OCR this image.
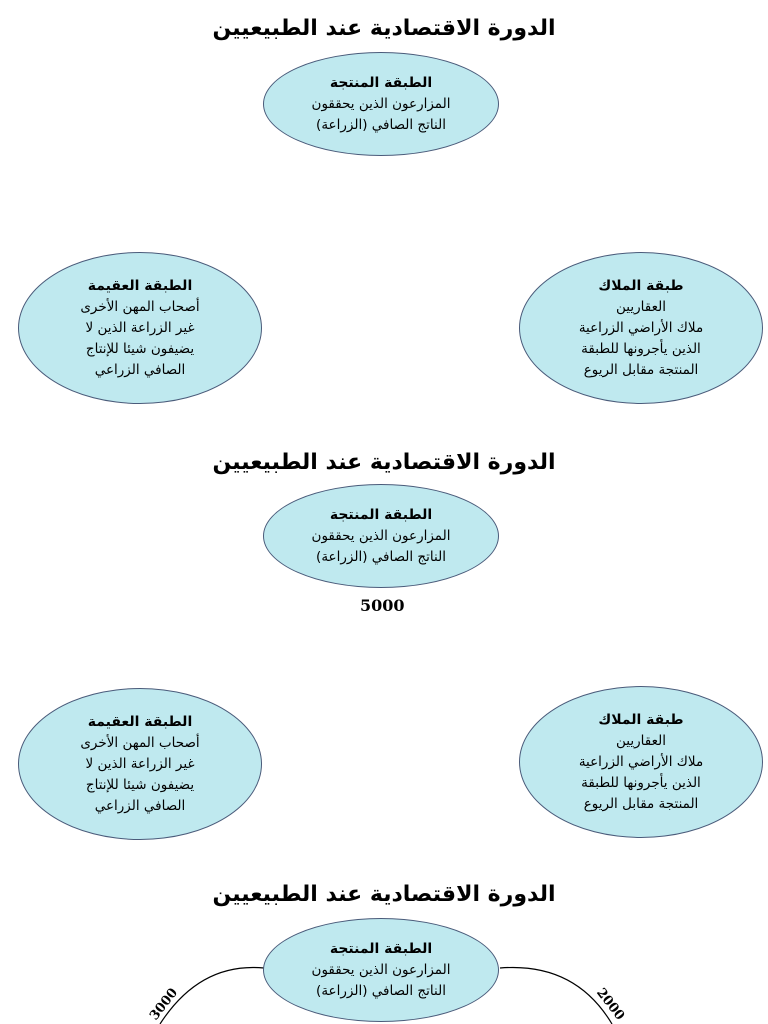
الدورة الاقتصادية عند الطبيعيين
الطبقة المنتجة
المزارعون الذين يحققون
الناتج الصافي (الزراعة)
الطبقة العقيمة
أصحاب المهن الأخرى
غير الزراعة الذين لا
يضيفون شيئا للإنتاج
الصافي الزراعي
طبقة الملاك
العقاريين
ملاك الأراضي الزراعية
الذين يأجرونها للطبقة
المنتجة مقابل الريوع
الدورة الاقتصادية عند الطبيعيين
الطبقة المنتجة
المزارعون الذين يحققون
الناتج الصافي (الزراعة)
5000
الطبقة العقيمة
أصحاب المهن الأخرى
غير الزراعة الذين لا
يضيفون شيئا للإنتاج
الصافي الزراعي
طبقة الملاك
العقاريين
ملاك الأراضي الزراعية
الذين يأجرونها للطبقة
المنتجة مقابل الريوع
الدورة الاقتصادية عند الطبيعيين
الطبقة المنتجة
المزارعون الذين يحققون
الناتج الصافي (الزراعة)
3000	2000
